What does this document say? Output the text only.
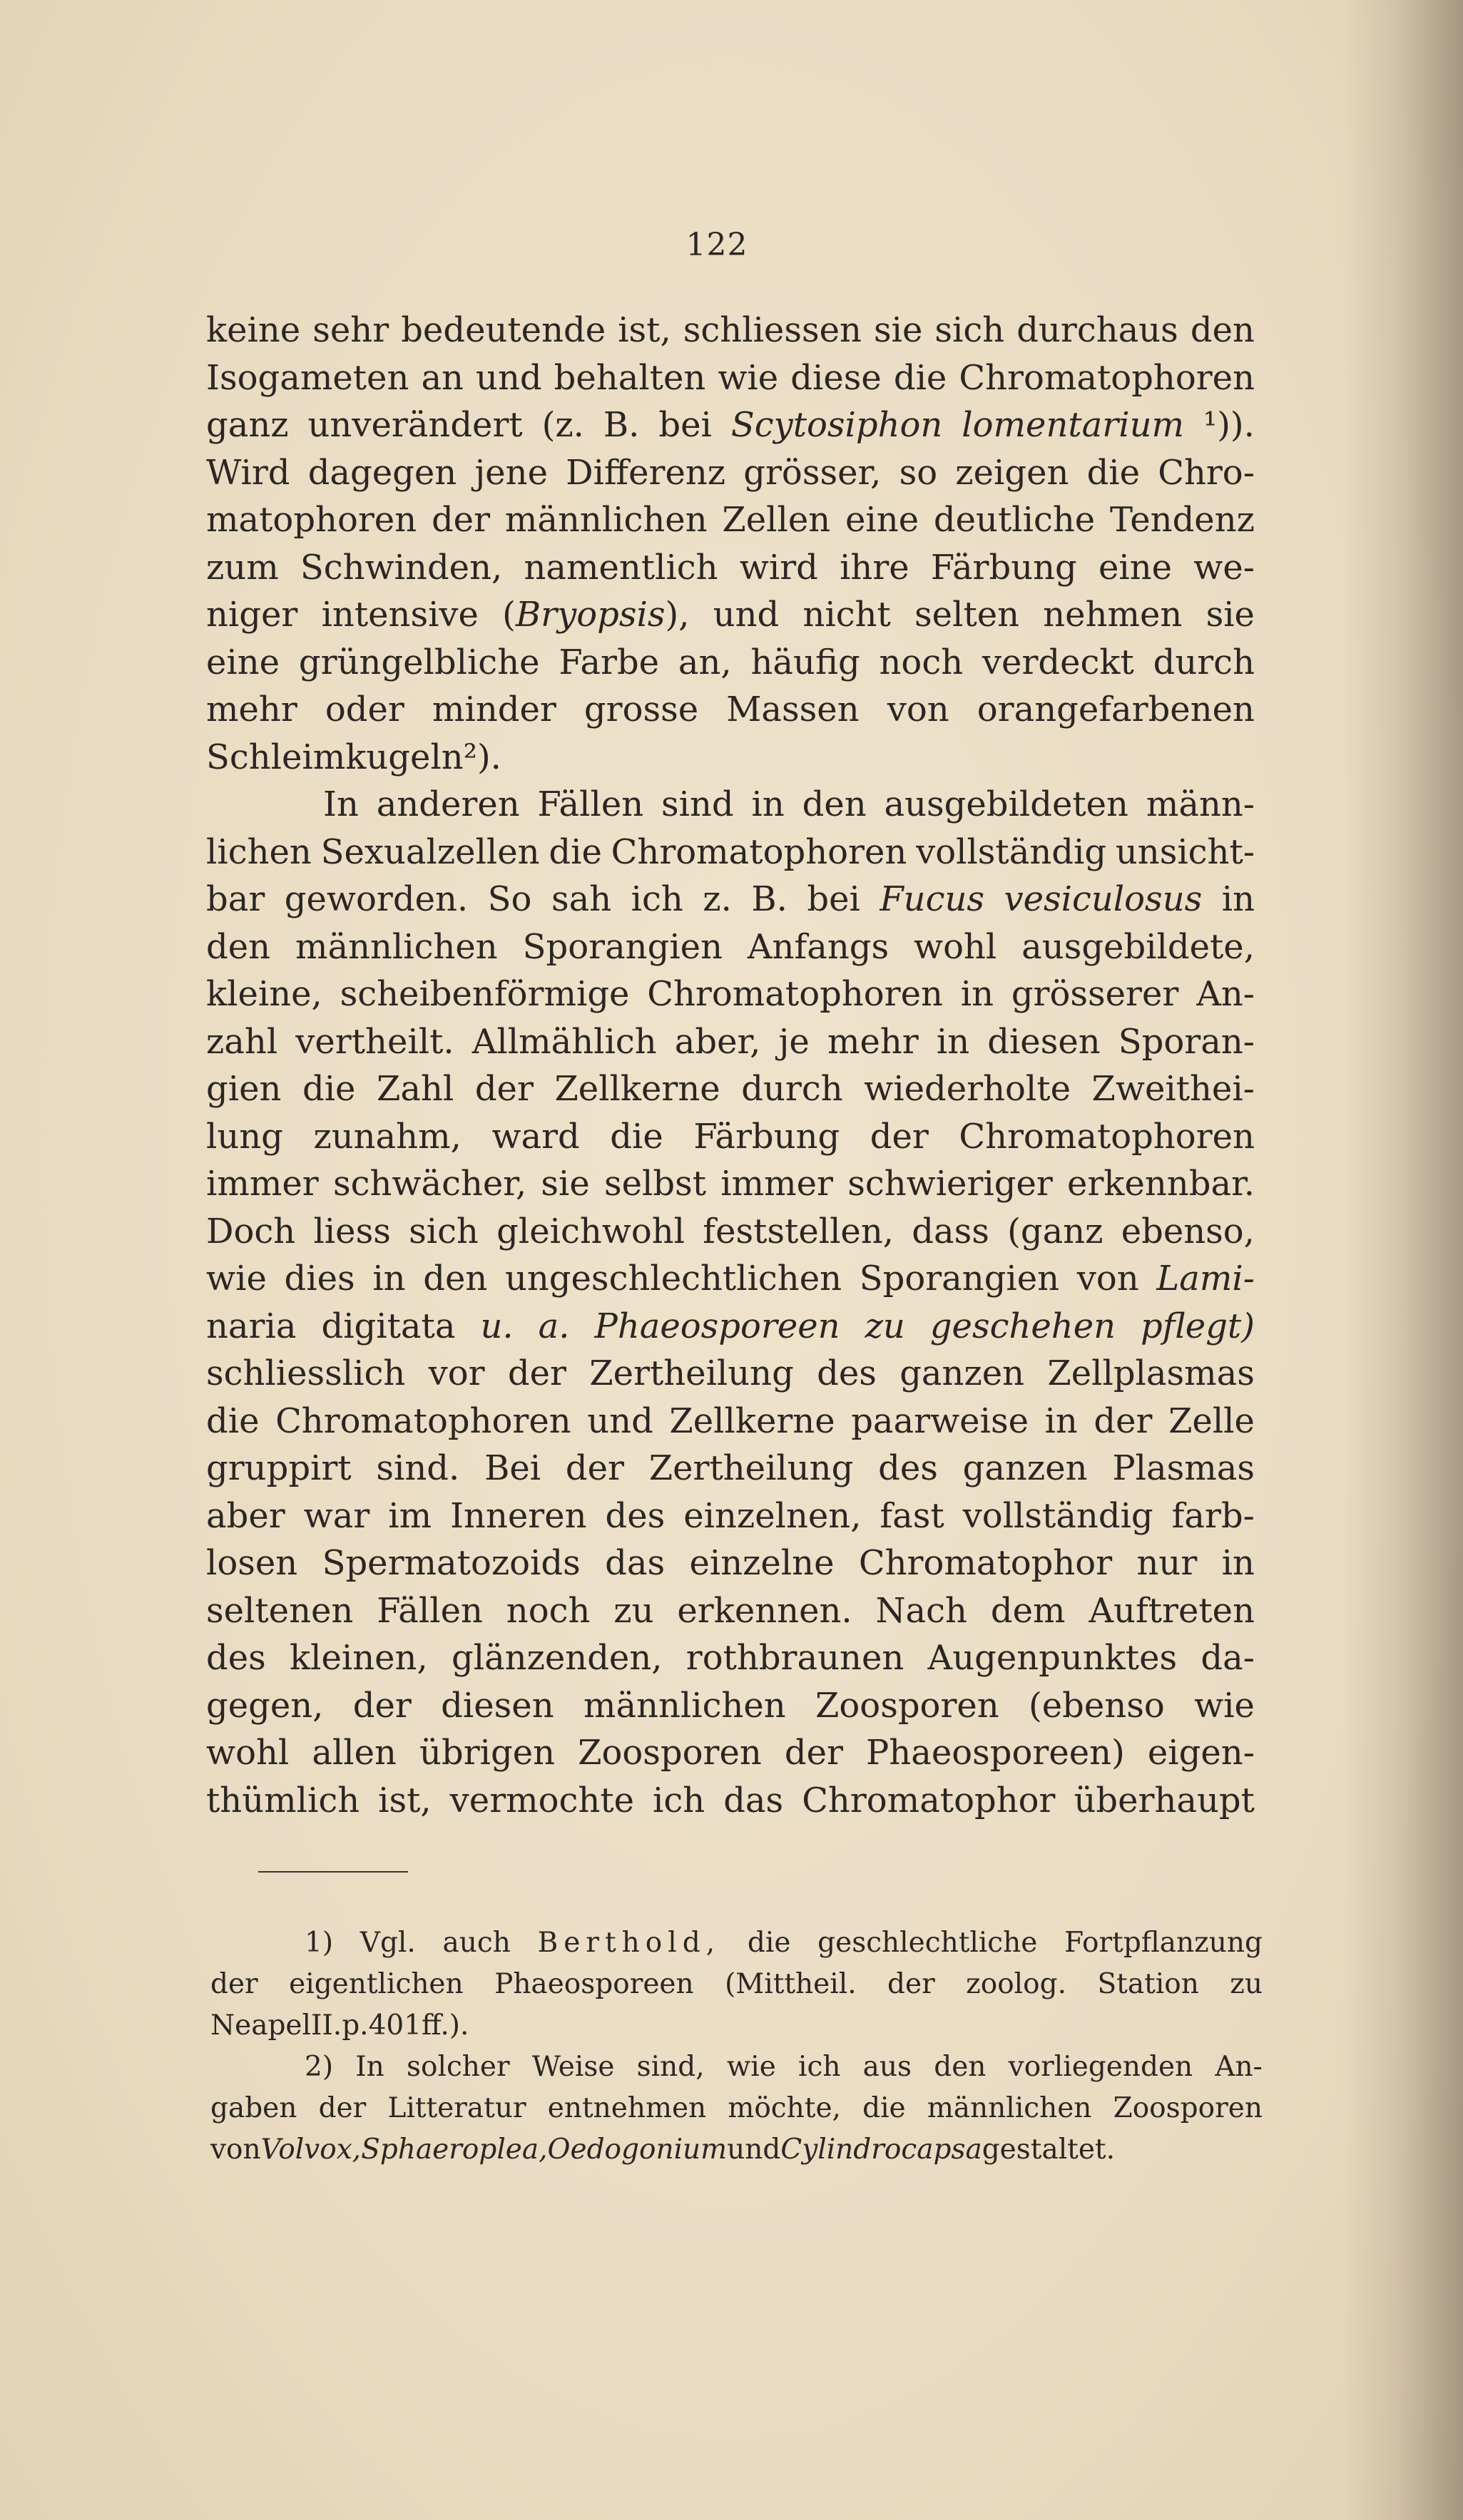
122
keine sehr bedeutende ist, schliessen sie sich durchaus den
Isogameten an und behalten wie diese die Chromatophoren
ganz unverändert (z. B. bei Scytosiphon lomentarium ¹)).
Wird dagegen jene Differenz grösser, so zeigen die Chro-
matophoren der männlichen Zellen eine deutliche Tendenz
zum Schwinden, namentlich wird ihre Färbung eine we-
niger intensive (Bryopsis), und nicht selten nehmen sie
eine grüngelbliche Farbe an, häufig noch verdeckt durch
mehr oder minder grosse Massen von orangefarbenen
Schleimkugeln ²).
In anderen Fällen sind in den ausgebildeten männ-
lichen Sexualzellen die Chromatophoren vollständig unsicht-
bar geworden. So sah ich z. B. bei Fucus vesiculosus in
den männlichen Sporangien Anfangs wohl ausgebildete,
kleine, scheibenförmige Chromatophoren in grösserer An-
zahl vertheilt. Allmählich aber, je mehr in diesen Sporan-
gien die Zahl der Zellkerne durch wiederholte Zweithei-
lung zunahm, ward die Färbung der Chromatophoren
immer schwächer, sie selbst immer schwieriger erkennbar.
Doch liess sich gleichwohl feststellen, dass (ganz ebenso,
wie dies in den ungeschlechtlichen Sporangien von Lami-
naria digitata u. a. Phaeosporeen zu geschehen pflegt)
schliesslich vor der Zertheilung des ganzen Zellplasmas
die Chromatophoren und Zellkerne paarweise in der Zelle
gruppirt sind. Bei der Zertheilung des ganzen Plasmas
aber war im Inneren des einzelnen, fast vollständig farb-
losen Spermatozoids das einzelne Chromatophor nur in
seltenen Fällen noch zu erkennen. Nach dem Auftreten
des kleinen, glänzenden, rothbraunen Augenpunktes da-
gegen, der diesen männlichen Zoosporen (ebenso wie
wohl allen übrigen Zoosporen der Phaeosporeen) eigen-
thümlich ist, vermochte ich das Chromatophor überhaupt
1) Vgl. auch Berthold, die geschlechtliche Fortpflanzung
der eigentlichen Phaeosporeen (Mittheil. der zoolog. Station zu
Neapel II. p. 401 ff.).
2) In solcher Weise sind, wie ich aus den vorliegenden An-
gaben der Litteratur entnehmen möchte, die männlichen Zoosporen
von Volvox, Sphaeroplea, Oedogonium und Cylindrocapsa gestaltet.
